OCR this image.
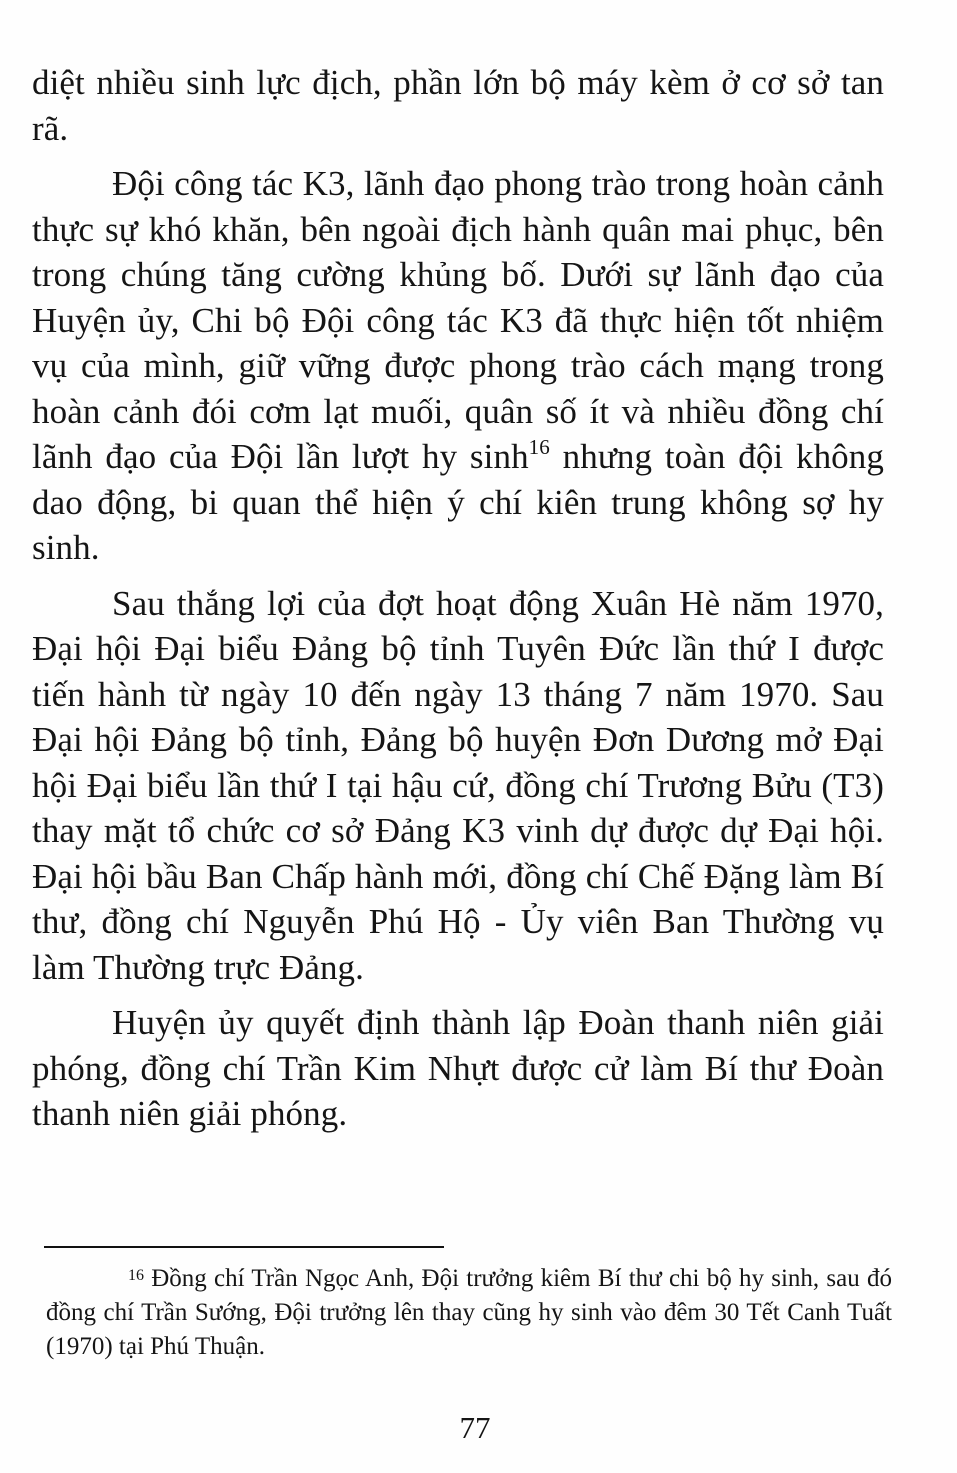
diệt nhiều sinh lực địch, phần lớn bộ máy kèm ở cơ sở tan rã.

Đội công tác K3, lãnh đạo phong trào trong hoàn cảnh thực sự khó khăn, bên ngoài địch hành quân mai phục, bên trong chúng tăng cường khủng bố. Dưới sự lãnh đạo của Huyện ủy, Chi bộ Đội công tác K3 đã thực hiện tốt nhiệm vụ của mình, giữ vững được phong trào cách mạng trong hoàn cảnh đói cơm lạt muối, quân số ít và nhiều đồng chí lãnh đạo của Đội lần lượt hy $\sinh^{16}$ nhưng toàn đội không dao động, bi quan thể hiện ý chí kiên trung không sợ hy sinh.

Sau thắng lợi của đợt hoạt động Xuân Hè năm 1970, Đại hội Đại biểu Đảng bộ tỉnh Tuyên Đức lần thứ I được tiến hành từ ngày 10 đến ngày 13 tháng 7 năm 1970. Sau Đại hội Đảng bộ tỉnh, Đảng bộ huyện Đơn Dương mở Đại hội Đại biểu lần thứ I tại hậu cứ, đồng chí Trương Bửu (T3) thay mặt tổ chức cơ sở Đảng K3 vinh dự được dự Đại hội. Đại hội bầu Ban Chấp hành mới, đồng chí Chế Đặng làm Bí thư, đồng chí Nguyễn Phú Hộ - Ủy viên Ban Thường vụ làm Thường trực Đảng.

Huyện ủy quyết định thành lập Đoàn thanh niên giải phóng, đồng chí Trần Kim Nhựt được cử làm Bí thư Đoàn thanh niên giải phóng.

$^{16}$ Đồng chí Trần Ngọc Anh, Đội trưởng kiêm Bí thư chi bộ hy sinh, sau đó đồng chí Trần Sướng, Đội trưởng lên thay cũng hy sinh vào đêm 30 Tết Canh Tuất (1970) tại Phú Thuận.

77
